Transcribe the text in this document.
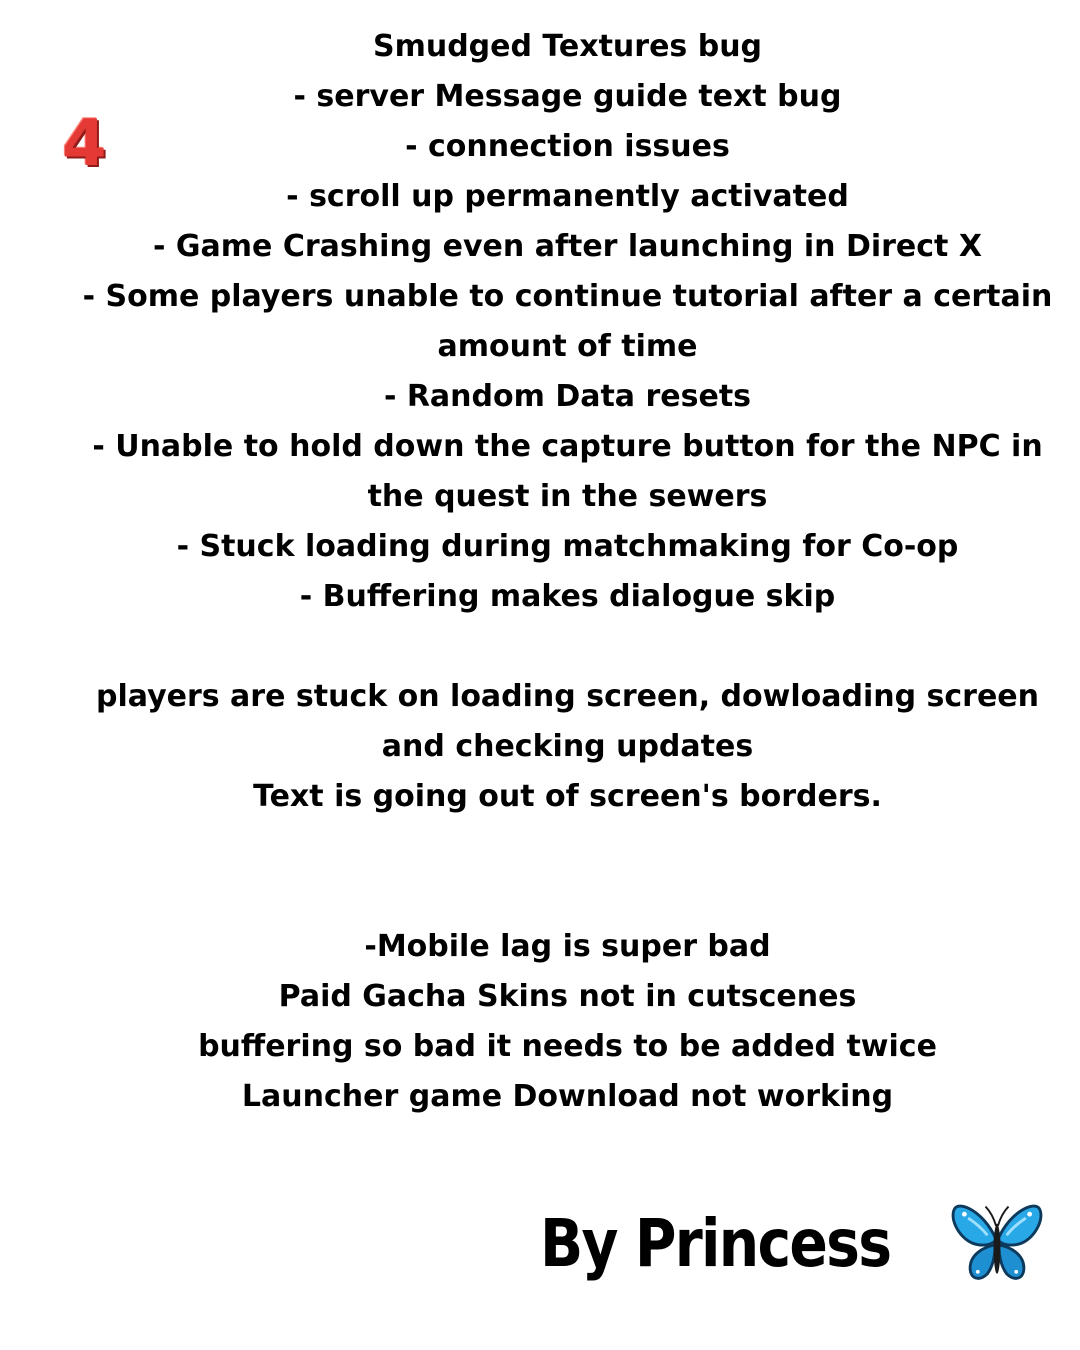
4
Smudged Textures bug
- server Message guide text bug
- connection issues
- scroll up permanently activated
- Game Crashing even after launching in Direct X
- Some players unable to continue tutorial after a certain amount of time
- Random Data resets
- Unable to hold down the capture button for the NPC in the quest in the sewers
- Stuck loading during matchmaking for Co-op
- Buffering makes dialogue skip
players are stuck on loading screen, dowloading screen
and checking updates
Text is going out of screen's borders.
-Mobile lag is super bad
Paid Gacha Skins not in cutscenes
buffering so bad it needs to be added twice
Launcher game Download not working
By Princess
